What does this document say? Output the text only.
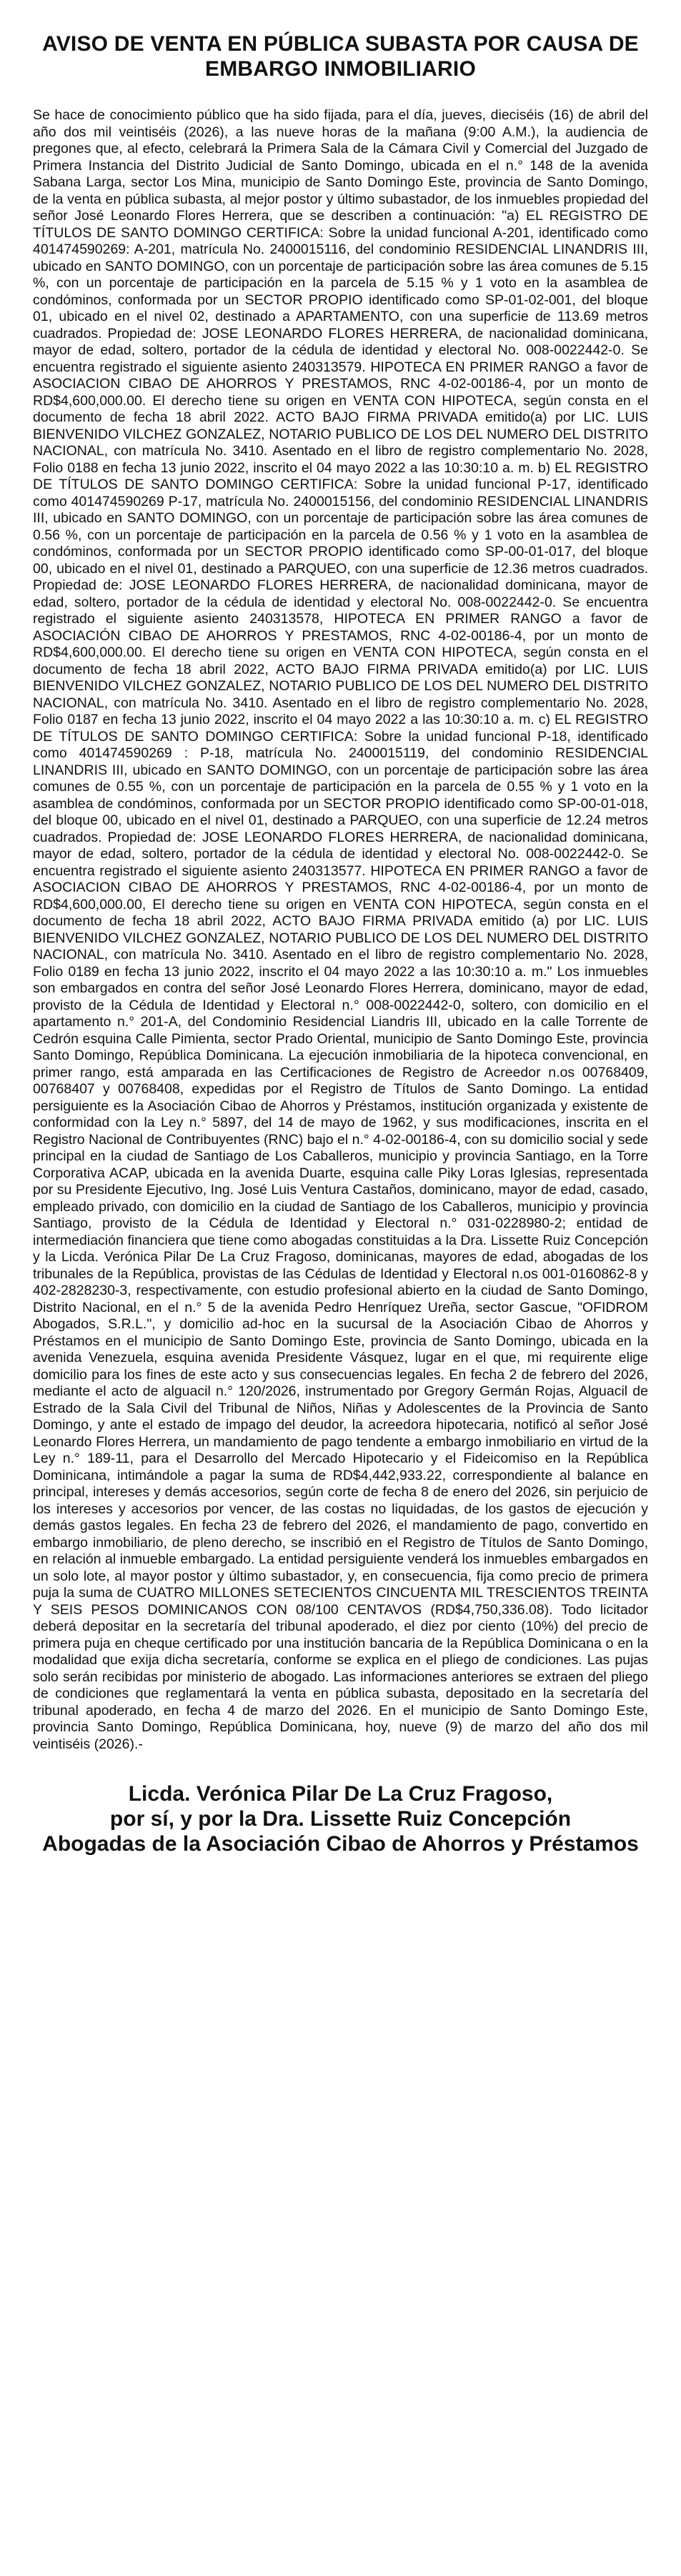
AVISO DE VENTA EN PÚBLICA SUBASTA POR CAUSA DE
EMBARGO INMOBILIARIO

Se hace de conocimiento público que ha sido fijada, para el día, jueves, dieciséis (16) de abril del año dos mil veintiséis (2026), a las nueve horas de la mañana (9:00 A.M.), la audiencia de pregones que, al efecto, celebrará la Primera Sala de la Cámara Civil y Comercial del Juzgado de Primera Instancia del Distrito Judicial de Santo Domingo, ubicada en el n.° 148 de la avenida Sabana Larga, sector Los Mina, municipio de Santo Domingo Este, provincia de Santo Domingo, de la venta en pública subasta, al mejor postor y último subastador, de los inmuebles propiedad del señor José Leonardo Flores Herrera, que se describen a continuación: "a) EL REGISTRO DE TÍTULOS DE SANTO DOMINGO CERTIFICA: Sobre la unidad funcional A-201, identificado como 401474590269: A-201, matrícula No. 2400015116, del condominio RESIDENCIAL LINANDRIS III, ubicado en SANTO DOMINGO, con un porcentaje de participación sobre las área comunes de 5.15 %, con un porcentaje de participación en la parcela de 5.15 % y 1 voto en la asamblea de condóminos, conformada por un SECTOR PROPIO identificado como SP-01-02-001, del bloque 01, ubicado en el nivel 02, destinado a APARTAMENTO, con una superficie de 113.69 metros cuadrados. Propiedad de: JOSE LEONARDO FLORES HERRERA, de nacionalidad dominicana, mayor de edad, soltero, portador de la cédula de identidad y electoral No. 008-0022442-0. Se encuentra registrado el siguiente asiento 240313579. HIPOTECA EN PRIMER RANGO a favor de ASOCIACION CIBAO DE AHORROS Y PRESTAMOS, RNC 4-02-00186-4, por un monto de RD$4,600,000.00. El derecho tiene su origen en VENTA CON HIPOTECA, según consta en el documento de fecha 18 abril 2022. ACTO BAJO FIRMA PRIVADA emitido(a) por LIC. LUIS BIENVENIDO VILCHEZ GONZALEZ, NOTARIO PUBLICO DE LOS DEL NUMERO DEL DISTRITO NACIONAL, con matrícula No. 3410. Asentado en el libro de registro complementario No. 2028, Folio 0188 en fecha 13 junio 2022, inscrito el 04 mayo 2022 a las 10:30:10 a. m. b) EL REGISTRO DE TÍTULOS DE SANTO DOMINGO CERTIFICA: Sobre la unidad funcional P-17, identificado como 401474590269 P-17, matrícula No. 2400015156, del condominio RESIDENCIAL LINANDRIS III, ubicado en SANTO DOMINGO, con un porcentaje de participación sobre las área comunes de 0.56 %, con un porcentaje de participación en la parcela de 0.56 % y 1 voto en la asamblea de condóminos, conformada por un SECTOR PROPIO identificado como SP-00-01-017, del bloque 00, ubicado en el nivel 01, destinado a PARQUEO, con una superficie de 12.36 metros cuadrados. Propiedad de: JOSE LEONARDO FLORES HERRERA, de nacionalidad dominicana, mayor de edad, soltero, portador de la cédula de identidad y electoral No. 008-0022442-0. Se encuentra registrado el siguiente asiento 240313578, HIPOTECA EN PRIMER RANGO a favor de ASOCIACIÓN CIBAO DE AHORROS Y PRESTAMOS, RNC 4-02-00186-4, por un monto de RD$4,600,000.00. El derecho tiene su origen en VENTA CON HIPOTECA, según consta en el documento de fecha 18 abril 2022, ACTO BAJO FIRMA PRIVADA emitido(a) por LIC. LUIS BIENVENIDO VILCHEZ GONZALEZ, NOTARIO PUBLICO DE LOS DEL NUMERO DEL DISTRITO NACIONAL, con matrícula No. 3410. Asentado en el libro de registro complementario No. 2028, Folio 0187 en fecha 13 junio 2022, inscrito el 04 mayo 2022 a las 10:30:10 a. m. c) EL REGISTRO DE TÍTULOS DE SANTO DOMINGO CERTIFICA: Sobre la unidad funcional P-18, identificado como 401474590269 : P-18, matrícula No. 2400015119, del condominio RESIDENCIAL LINANDRIS III, ubicado en SANTO DOMINGO, con un porcentaje de participación sobre las área comunes de 0.55 %, con un porcentaje de participación en la parcela de 0.55 % y 1 voto en la asamblea de condóminos, conformada por un SECTOR PROPIO identificado como SP-00-01-018, del bloque 00, ubicado en el nivel 01, destinado a PARQUEO, con una superficie de 12.24 metros cuadrados. Propiedad de: JOSE LEONARDO FLORES HERRERA, de nacionalidad dominicana, mayor de edad, soltero, portador de la cédula de identidad y electoral No. 008-0022442-0. Se encuentra registrado el siguiente asiento 240313577. HIPOTECA EN PRIMER RANGO a favor de ASOCIACION CIBAO DE AHORROS Y PRESTAMOS, RNC 4-02-00186-4, por un monto de RD$4,600,000.00, El derecho tiene su origen en VENTA CON HIPOTECA, según consta en el documento de fecha 18 abril 2022, ACTO BAJO FIRMA PRIVADA emitido (a) por LIC. LUIS BIENVENIDO VILCHEZ GONZALEZ, NOTARIO PUBLICO DE LOS DEL NUMERO DEL DISTRITO NACIONAL, con matrícula No. 3410. Asentado en el libro de registro complementario No. 2028, Folio 0189 en fecha 13 junio 2022, inscrito el 04 mayo 2022 a las 10:30:10 a. m." Los inmuebles son embargados en contra del señor José Leonardo Flores Herrera, dominicano, mayor de edad, provisto de la Cédula de Identidad y Electoral n.° 008-0022442-0, soltero, con domicilio en el apartamento n.° 201-A, del Condominio Residencial Liandris III, ubicado en la calle Torrente de Cedrón esquina Calle Pimienta, sector Prado Oriental, municipio de Santo Domingo Este, provincia Santo Domingo, República Dominicana. La ejecución inmobiliaria de la hipoteca convencional, en primer rango, está amparada en las Certificaciones de Registro de Acreedor n.os 00768409, 00768407 y 00768408, expedidas por el Registro de Títulos de Santo Domingo. La entidad persiguiente es la Asociación Cibao de Ahorros y Préstamos, institución organizada y existente de conformidad con la Ley n.° 5897, del 14 de mayo de 1962, y sus modificaciones, inscrita en el Registro Nacional de Contribuyentes (RNC) bajo el n.° 4-02-00186-4, con su domicilio social y sede principal en la ciudad de Santiago de Los Caballeros, municipio y provincia Santiago, en la Torre Corporativa ACAP, ubicada en la avenida Duarte, esquina calle Piky Loras Iglesias, representada por su Presidente Ejecutivo, Ing. José Luis Ventura Castaños, dominicano, mayor de edad, casado, empleado privado, con domicilio en la ciudad de Santiago de los Caballeros, municipio y provincia Santiago, provisto de la Cédula de Identidad y Electoral n.° 031-0228980-2; entidad de intermediación financiera que tiene como abogadas constituidas a la Dra. Lissette Ruiz Concepción y la Licda. Verónica Pilar De La Cruz Fragoso, dominicanas, mayores de edad, abogadas de los tribunales de la República, provistas de las Cédulas de Identidad y Electoral n.os 001-0160862-8 y 402-2828230-3, respectivamente, con estudio profesional abierto en la ciudad de Santo Domingo, Distrito Nacional, en el n.° 5 de la avenida Pedro Henríquez Ureña, sector Gascue, "OFIDROM Abogados, S.R.L.", y domicilio ad-hoc en la sucursal de la Asociación Cibao de Ahorros y Préstamos en el municipio de Santo Domingo Este, provincia de Santo Domingo, ubicada en la avenida Venezuela, esquina avenida Presidente Vásquez, lugar en el que, mi requirente elige domicilio para los fines de este acto y sus consecuencias legales. En fecha 2 de febrero del 2026, mediante el acto de alguacil n.° 120/2026, instrumentado por Gregory Germán Rojas, Alguacil de Estrado de la Sala Civil del Tribunal de Niños, Niñas y Adolescentes de la Provincia de Santo Domingo, y ante el estado de impago del deudor, la acreedora hipotecaria, notificó al señor José Leonardo Flores Herrera, un mandamiento de pago tendente a embargo inmobiliario en virtud de la Ley n.° 189-11, para el Desarrollo del Mercado Hipotecario y el Fideicomiso en la República Dominicana, intimándole a pagar la suma de RD$4,442,933.22, correspondiente al balance en principal, intereses y demás accesorios, según corte de fecha 8 de enero del 2026, sin perjuicio de los intereses y accesorios por vencer, de las costas no liquidadas, de los gastos de ejecución y demás gastos legales. En fecha 23 de febrero del 2026, el mandamiento de pago, convertido en embargo inmobiliario, de pleno derecho, se inscribió en el Registro de Títulos de Santo Domingo, en relación al inmueble embargado. La entidad persiguiente venderá los inmuebles embargados en un solo lote, al mayor postor y último subastador, y, en consecuencia, fija como precio de primera puja la suma de CUATRO MILLONES SETECIENTOS CINCUENTA MIL TRESCIENTOS TREINTA Y SEIS PESOS DOMINICANOS CON 08/100 CENTAVOS (RD$4,750,336.08). Todo licitador deberá depositar en la secretaría del tribunal apoderado, el diez por ciento (10%) del precio de primera puja en cheque certificado por una institución bancaria de la República Dominicana o en la modalidad que exija dicha secretaría, conforme se explica en el pliego de condiciones. Las pujas solo serán recibidas por ministerio de abogado. Las informaciones anteriores se extraen del pliego de condiciones que reglamentará la venta en pública subasta, depositado en la secretaría del tribunal apoderado, en fecha 4 de marzo del 2026. En el municipio de Santo Domingo Este, provincia Santo Domingo, República Dominicana, hoy, nueve (9) de marzo del año dos mil veintiséis (2026).-

Licda. Verónica Pilar De La Cruz Fragoso,
por sí, y por la Dra. Lissette Ruiz Concepción
Abogadas de la Asociación Cibao de Ahorros y Préstamos
